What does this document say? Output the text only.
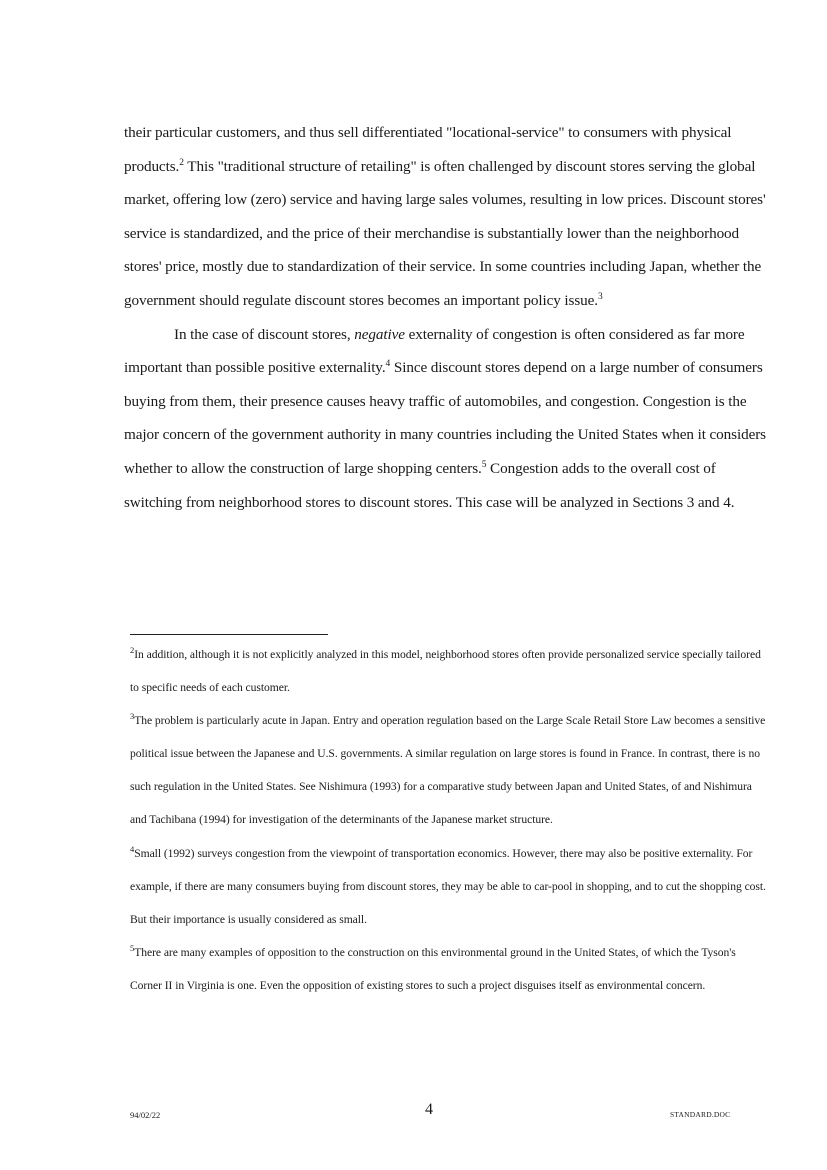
their particular customers, and thus sell differentiated "locational-service" to consumers with physical products.$^2$ This "traditional structure of retailing" is often challenged by discount stores serving the global market, offering low (zero) service and having large sales volumes, resulting in low prices. Discount stores' service is standardized, and the price of their merchandise is substantially lower than the neighborhood stores' price, mostly due to standardization of their service. In some countries including Japan, whether the government should regulate discount stores becomes an important policy issue.$^3$

In the case of discount stores, negative externality of congestion is often considered as far more important than possible positive externality.$^4$ Since discount stores depend on a large number of consumers buying from them, their presence causes heavy traffic of automobiles, and congestion. Congestion is the major concern of the government authority in many countries including the United States when it considers whether to allow the construction of large shopping centers.$^5$ Congestion adds to the overall cost of switching from neighborhood stores to discount stores. This case will be analyzed in Sections 3 and 4.

$^2$In addition, although it is not explicitly analyzed in this model, neighborhood stores often provide personalized service specially tailored to specific needs of each customer.

$^3$The problem is particularly acute in Japan. Entry and operation regulation based on the Large Scale Retail Store Law becomes a sensitive political issue between the Japanese and U.S. governments. A similar regulation on large stores is found in France. In contrast, there is no such regulation in the United States. See Nishimura (1993) for a comparative study between Japan and United States, of and Nishimura and Tachibana (1994) for investigation of the determinants of the Japanese market structure.

$^4$Small (1992) surveys congestion from the viewpoint of transportation economics. However, there may also be positive externality. For example, if there are many consumers buying from discount stores, they may be able to car-pool in shopping, and to cut the shopping cost. But their importance is usually considered as small.

$^5$There are many examples of opposition to the construction on this environmental ground in the United States, of which the Tyson's Corner II in Virginia is one. Even the opposition of existing stores to such a project disguises itself as environmental concern.

94/02/22	4	STANDARD.DOC
